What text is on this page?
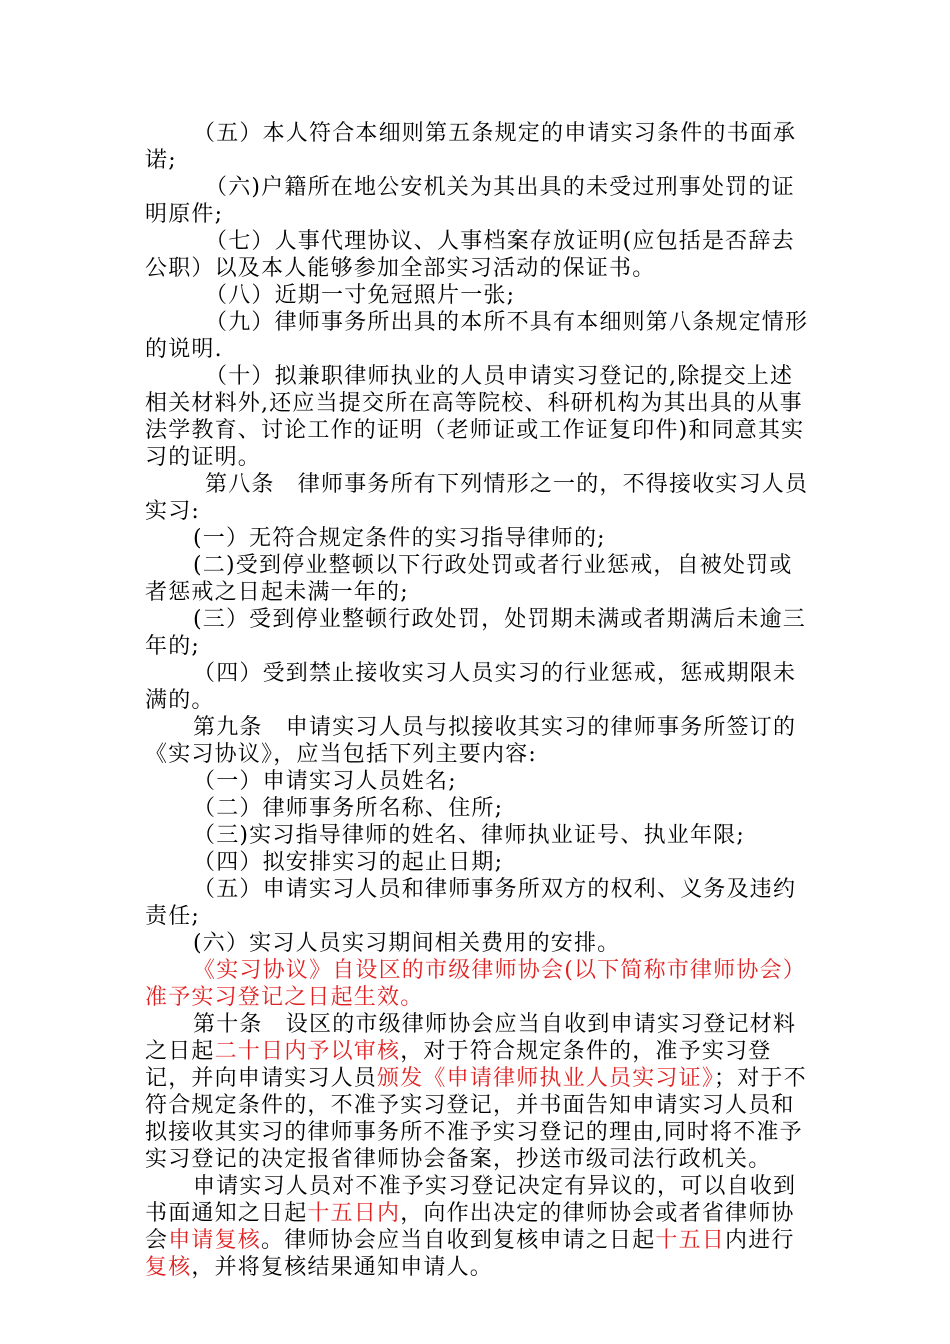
（五）本人符合本细则第五条规定的申请实习条件的书面承诺;

（六)户籍所在地公安机关为其出具的未受过刑事处罚的证明原件;

（七）人事代理协议、人事档案存放证明(应包括是否辞去公职）以及本人能够参加全部实习活动的保证书。

（八）近期一寸免冠照片一张;

（九）律师事务所出具的本所不具有本细则第八条规定情形的说明.

（十）拟兼职律师执业的人员申请实习登记的,除提交上述相关材料外,还应当提交所在高等院校、科研机构为其出具的从事法学教育、讨论工作的证明（老师证或工作证复印件)和同意其实习的证明。

第八条　律师事务所有下列情形之一的，不得接收实习人员实习:

(一）无符合规定条件的实习指导律师的;

(二)受到停业整顿以下行政处罚或者行业惩戒，自被处罚或者惩戒之日起未满一年的;

(三）受到停业整顿行政处罚，处罚期未满或者期满后未逾三年的;

（四）受到禁止接收实习人员实习的行业惩戒，惩戒期限未满的。

第九条　申请实习人员与拟接收其实习的律师事务所签订的《实习协议》，应当包括下列主要内容:

（一）申请实习人员姓名;

（二）律师事务所名称、住所;

（三)实习指导律师的姓名、律师执业证号、执业年限;

（四）拟安排实习的起止日期;

（五）申请实习人员和律师事务所双方的权利、义务及违约责任;

(六）实习人员实习期间相关费用的安排。

《实习协议》自设区的市级律师协会(以下简称市律师协会）准予实习登记之日起生效。

第十条　设区的市级律师协会应当自收到申请实习登记材料之日起二十日内予以审核，对于符合规定条件的，准予实习登记，并向申请实习人员颁发《申请律师执业人员实习证》；对于不符合规定条件的，不准予实习登记，并书面告知申请实习人员和拟接收其实习的律师事务所不准予实习登记的理由,同时将不准予实习登记的决定报省律师协会备案，抄送市级司法行政机关。

申请实习人员对不准予实习登记决定有异议的，可以自收到书面通知之日起十五日内，向作出决定的律师协会或者省律师协会申请复核。律师协会应当自收到复核申请之日起十五日内进行复核，并将复核结果通知申请人。
